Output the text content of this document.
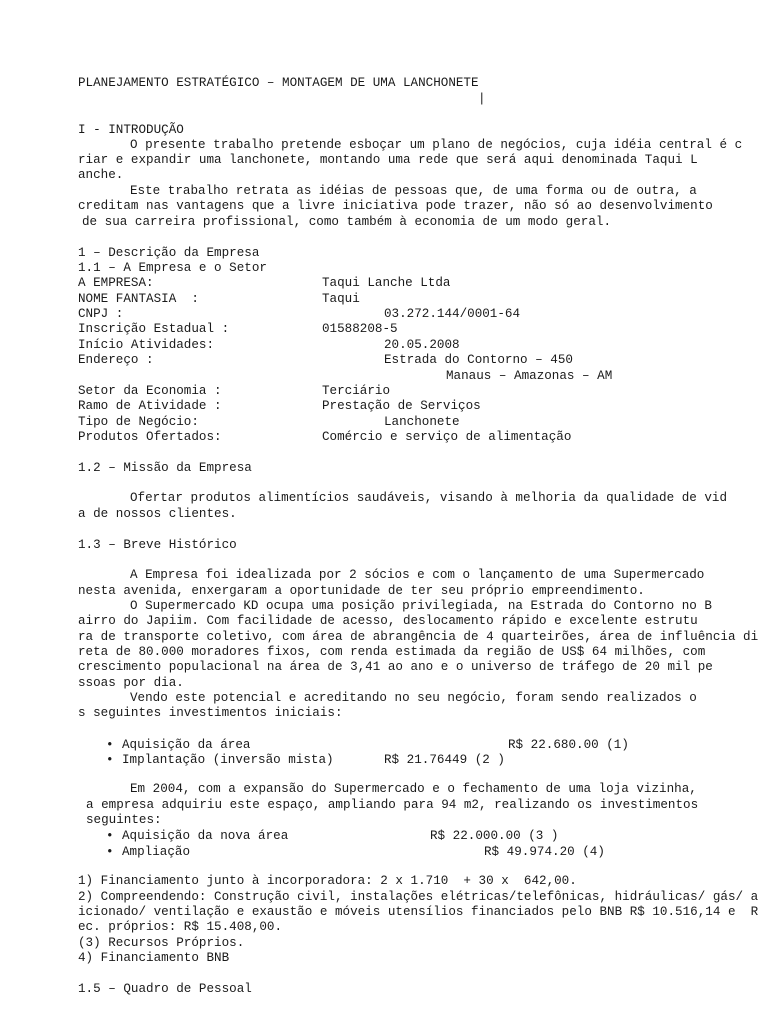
PLANEJAMENTO ESTRATÉGICO – MONTAGEM DE UMA LANCHONETE
|
I - INTRODUÇÃO
O presente trabalho pretende esboçar um plano de negócios, cuja idéia central é c
riar e expandir uma lanchonete, montando uma rede que será aqui denominada Taqui L
anche.
Este trabalho retrata as idéias de pessoas que, de uma forma ou de outra, a
creditam nas vantagens que a livre iniciativa pode trazer, não só ao desenvolvimento
de sua carreira profissional, como também à economia de um modo geral.
1 – Descrição da Empresa
1.1 – A Empresa e o Setor
A EMPRESA:	Taqui Lanche Ltda
NOME FANTASIA  :	Taqui
CNPJ :	03.272.144/0001-64
Inscrição Estadual :	01588208-5
Início Atividades:	20.05.2008
Endereço :	Estrada do Contorno – 450
Manaus – Amazonas – AM
Setor da Economia :	Terciário
Ramo de Atividade :	Prestação de Serviços
Tipo de Negócio:	Lanchonete
Produtos Ofertados:	Comércio e serviço de alimentação
1.2 – Missão da Empresa
Ofertar produtos alimentícios saudáveis, visando à melhoria da qualidade de vid
a de nossos clientes.
1.3 – Breve Histórico
A Empresa foi idealizada por 2 sócios e com o lançamento de uma Supermercado
nesta avenida, enxergaram a oportunidade de ter seu próprio empreendimento.
O Supermercado KD ocupa uma posição privilegiada, na Estrada do Contorno no B
airro do Japiim. Com facilidade de acesso, deslocamento rápido e excelente estrutu
ra de transporte coletivo, com área de abrangência de 4 quarteirões, área de influência di
reta de 80.000 moradores fixos, com renda estimada da região de US$ 64 milhões, com
crescimento populacional na área de 3,41 ao ano e o universo de tráfego de 20 mil pe
ssoas por dia.
Vendo este potencial e acreditando no seu negócio, foram sendo realizados o
s seguintes investimentos iniciais:
• Aquisição da área	R$ 22.680.00 (1)
• Implantação (inversão mista)	R$ 21.76449 (2 )
Em 2004, com a expansão do Supermercado e o fechamento de uma loja vizinha,
a empresa adquiriu este espaço, ampliando para 94 m2, realizando os investimentos
seguintes:
• Aquisição da nova área	R$ 22.000.00 (3 )
• Ampliação	R$ 49.974.20 (4)
1) Financiamento junto à incorporadora: 2 x 1.710  + 30 x  642,00.
2) Compreendendo: Construção civil, instalações elétricas/telefônicas, hidráulicas/ gás/ a
icionado/ ventilação e exaustão e móveis utensílios financiados pelo BNB R$ 10.516,14 e  R
ec. próprios: R$ 15.408,00.
(3) Recursos Próprios.
4) Financiamento BNB
1.5 – Quadro de Pessoal
